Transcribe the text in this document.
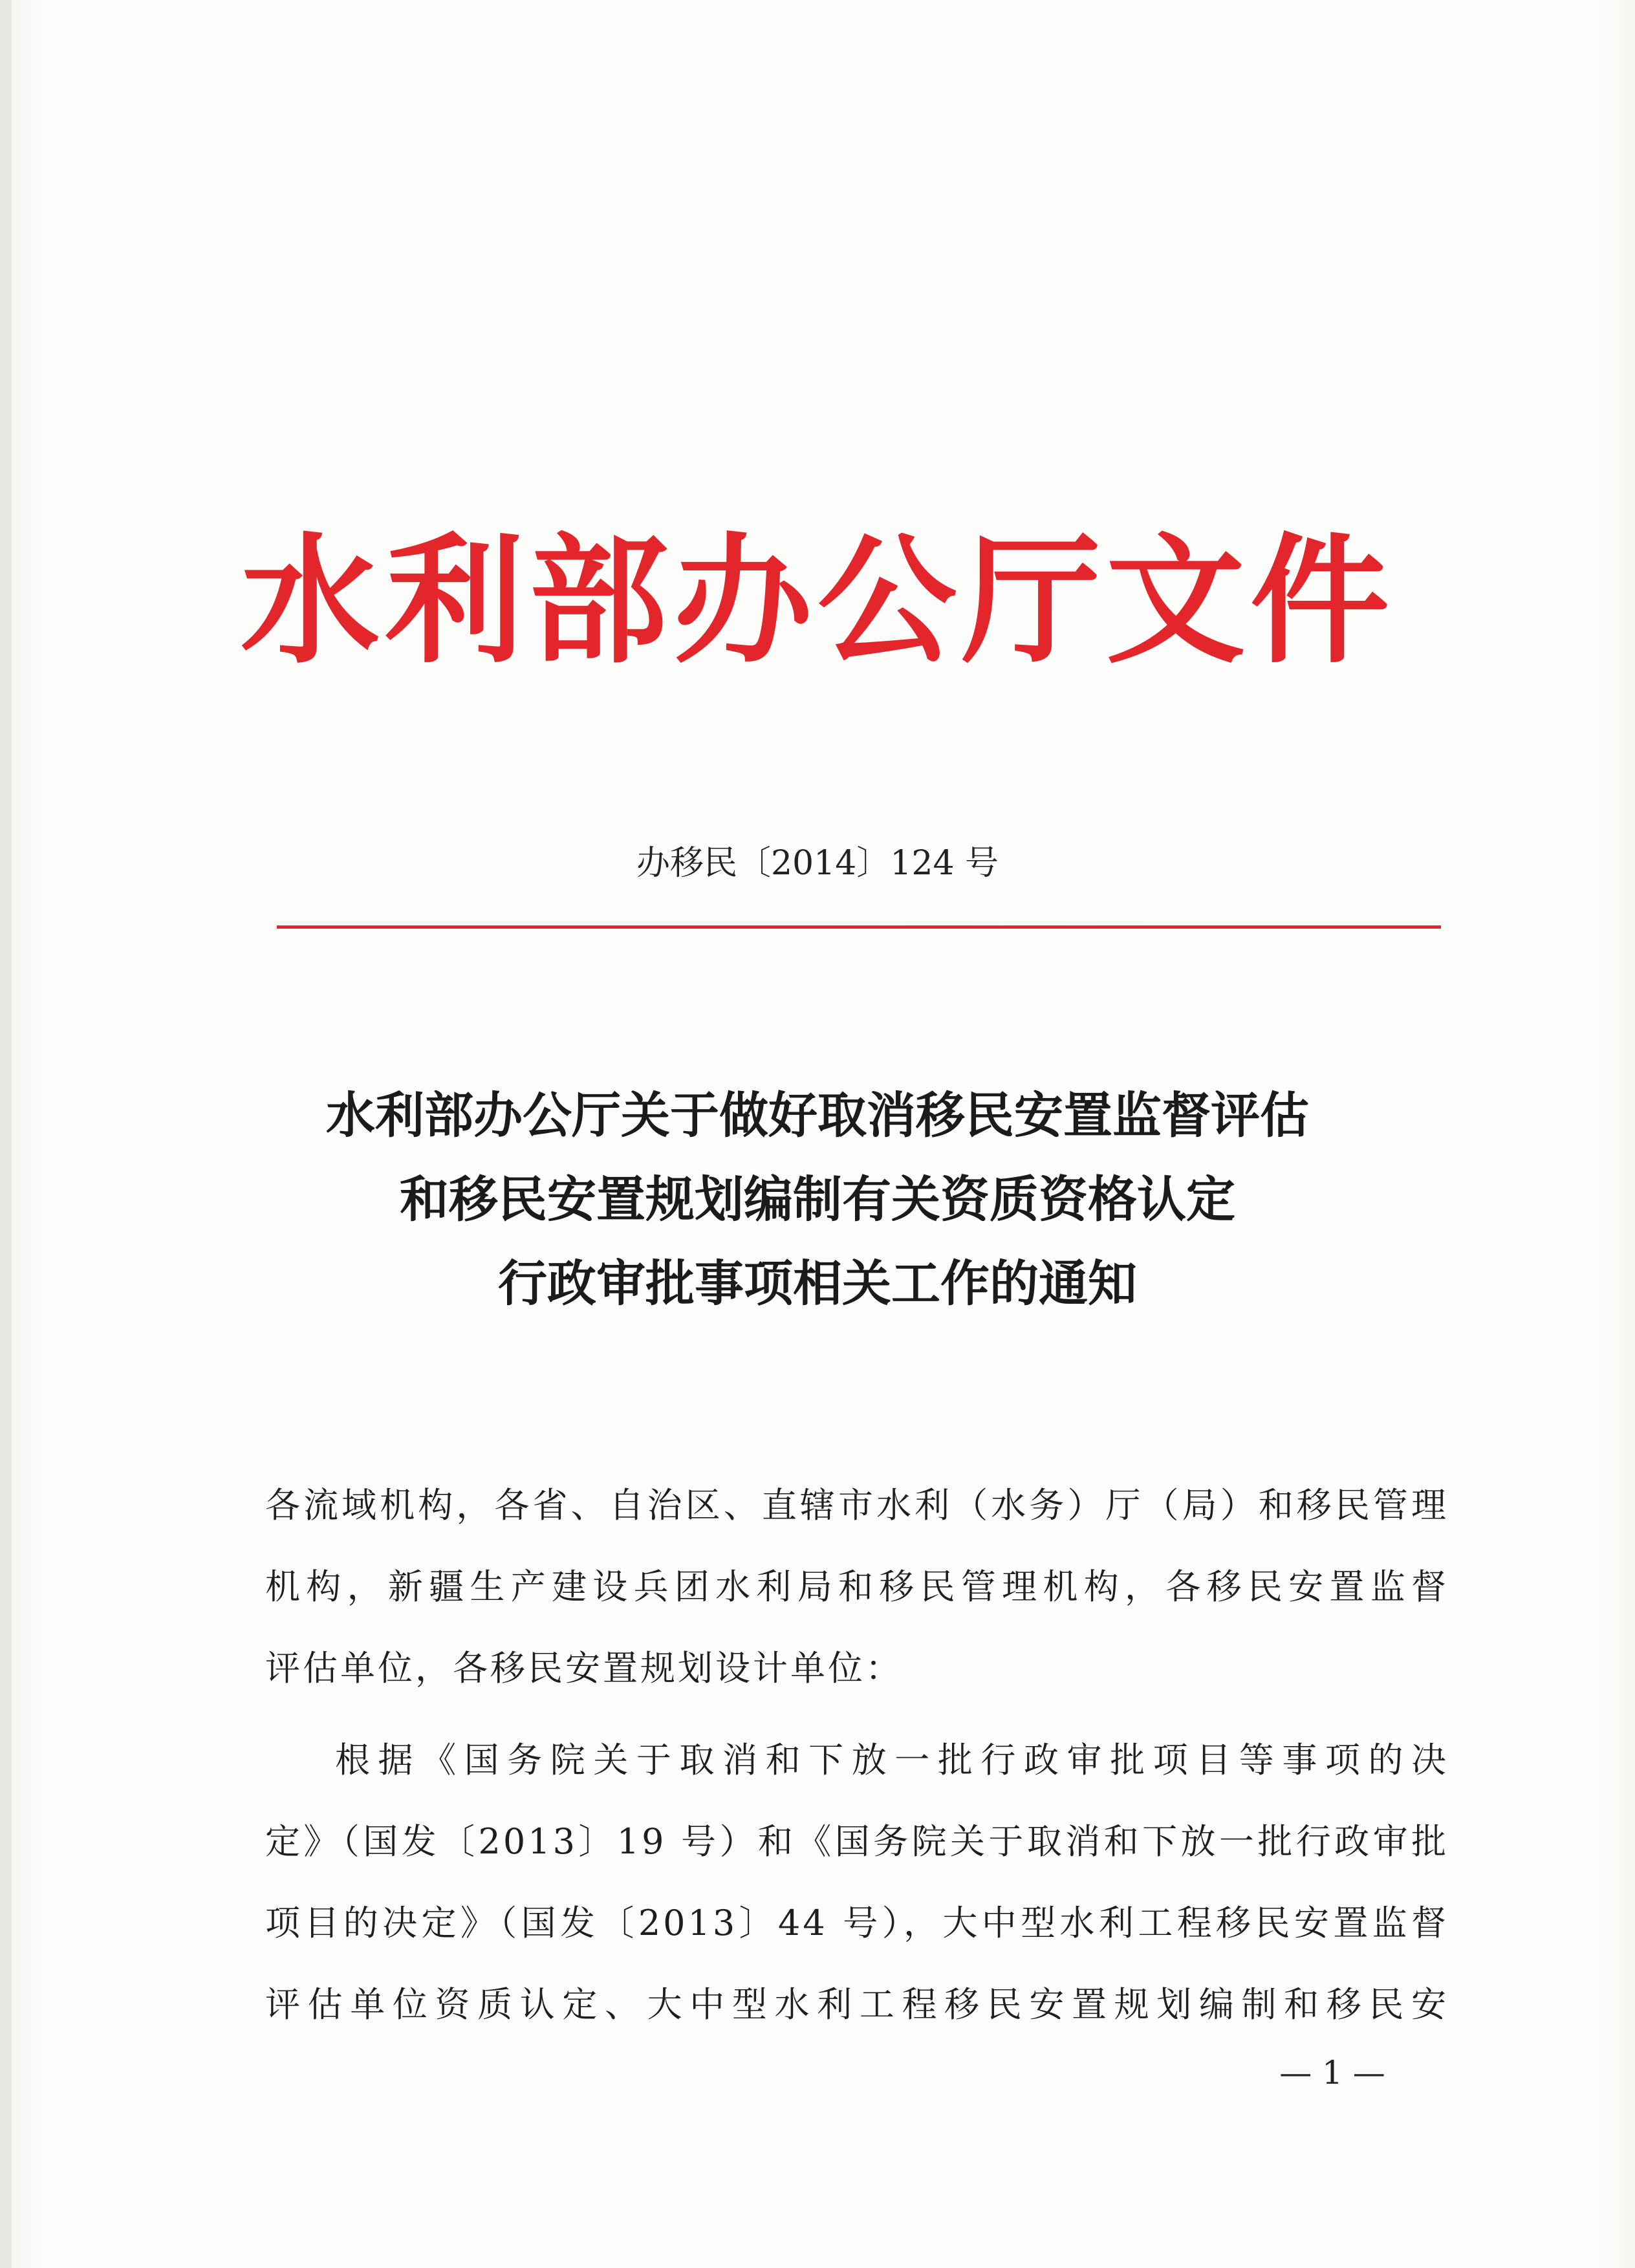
水利部办公厅文件
办移民〔2014〕124 号
水利部办公厅关于做好取消移民安置监督评估
和移民安置规划编制有关资质资格认定
行政审批事项相关工作的通知
各流域机构，各省、自治区、直辖市水利（水务）厅（局）和移民管理
机构，新疆生产建设兵团水利局和移民管理机构，各移民安置监督
评估单位，各移民安置规划设计单位：
根据《国务院关于取消和下放一批行政审批项目等事项的决
定》（国发〔2013〕19 号）和《国务院关于取消和下放一批行政审批
项目的决定》（国发〔2013〕44 号），大中型水利工程移民安置监督
评估单位资质认定、大中型水利工程移民安置规划编制和移民安
— 1 —
